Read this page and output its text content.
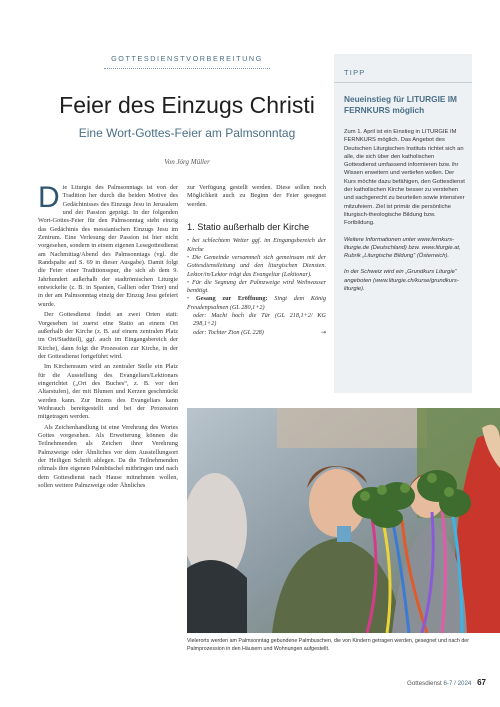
GOTTESDIENSTVORBEREITUNG
Feier des Einzugs Christi
Eine Wort-Gottes-Feier am Palmsonntag
Von Jörg Müller

Die Liturgie des Palmsonntags ist von der Tradition her durch die beiden Motive des Gedächtnisses des Einzugs Jesu in Jerusalem und der Passion geprägt. In der folgenden Wort-Gottes-Feier für den Palmsonntag steht einzig das Gedächtnis des messianischen Einzugs Jesu im Zentrum. Eine Verlesung der Passion ist hier nicht vorgesehen, sondern in einem eigenen Lesegottesdienst am Nachmittag/Abend des Palmsonntags (vgl. die Randspalte auf S. 69 in dieser Ausgabe). Damit folgt die Feier einer Traditionsspur, die sich ab dem 9. Jahrhundert außerhalb der stadtrömischen Liturgie entwickelte (z. B. in Spanien, Gallien oder Trier) und in der am Palmsonntag einzig der Einzug Jesu gefeiert wurde.

Der Gottesdienst findet an zwei Orten statt: Vorgesehen ist zuerst eine Statio an einem Ort außerhalb der Kirche (z. B. auf einem zentralen Platz im Ort/Stadtteil), ggf. auch im Eingangsbereich der Kirche), dann folgt die Prozession zur Kirche, in der der Gottesdienst fortgeführt wird.

Im Kirchenraum wird an zentraler Stelle ein Platz für die Ausstellung des Evangeliars/Lektionars eingerichtet („Ort des Buches“, z. B. vor den Altarstufen), der mit Blumen und Kerzen geschmückt werden kann. Zur Inzens des Evangeliars kann Weihrauch bereitgestellt und bei der Prozession mitgetragen werden.

Als Zeichenhandlung ist eine Verehrung des Wortes Gottes vorgesehen. Als Erweiterung können die Teilnehmenden als Zeichen ihrer Verehrung Palmzweige oder Ähnliches vor dem Ausstellungsort der Heiligen Schrift ablegen. Da die Teilnehmenden oftmals ihre eigenen Palmbüschel mitbringen und nach dem Gottesdienst nach Hause mitnehmen wollen, sollen weitere Palmzweige oder Ähnliches

zur Verfügung gestellt werden. Diese sollen noch Möglichkeit auch zu Beginn der Feier gesegnet werden.

1. Statio außerhalb der Kirche

• bei schlechtem Wetter ggf. im Eingangsbereich der Kirche

• Die Gemeinde versammelt sich gemeinsam mit der Gottesdienstleitung und den liturgischen Diensten. Lektor/in/Lektor trägt das Evangeliar (Lektionar).

• Für die Segnung der Palmzweige wird Weihwasser benötigt.

• Gesang zur Eröffnung: Singt dem König Freudenpsalmen (GL 280,1+2)

oder: Macht hoch die Tür (GL 218,1+2/ KG 298,1+2)

oder: Tochter Zion (GL 228)	→

TIPP
Neueinstieg für LITURGIE IM FERNKURS möglich

Zum 1. April ist ein Einstieg in LITURGIE IM FERNKURS möglich. Das Angebot des Deutschen Liturgischen Instituts richtet sich an alle, die sich über den katholischen Gottesdienst umfassend informieren bzw. ihr Wissen erweitern und vertiefen wollen. Der Kurs möchte dazu befähigen, den Gottesdienst der katholischen Kirche besser zu verstehen und sachgerecht zu beurteilen sowie intensiver mitzufeiern. Ziel ist primär die persönliche liturgisch-theologische Bildung bzw. Fortbildung.

Weitere Informationen unter www.fernkurs-liturgie.de (Deutschland) bzw. www.liturgie.at, Rubrik „Liturgische Bildung“ (Österreich).

In der Schweiz wird ein „Grundkurs Liturgie“ angeboten (www.liturgie.ch/kurse/grundkurs-liturgie).

Vielerorts werden am Palmsonntag gebundene Palmbuschen, die von Kindern getragen werden, gesegnet und nach der Palmprozession in den Häusern und Wohnungen aufgestellt.
Gottesdienst 6-7 / 2024 67
